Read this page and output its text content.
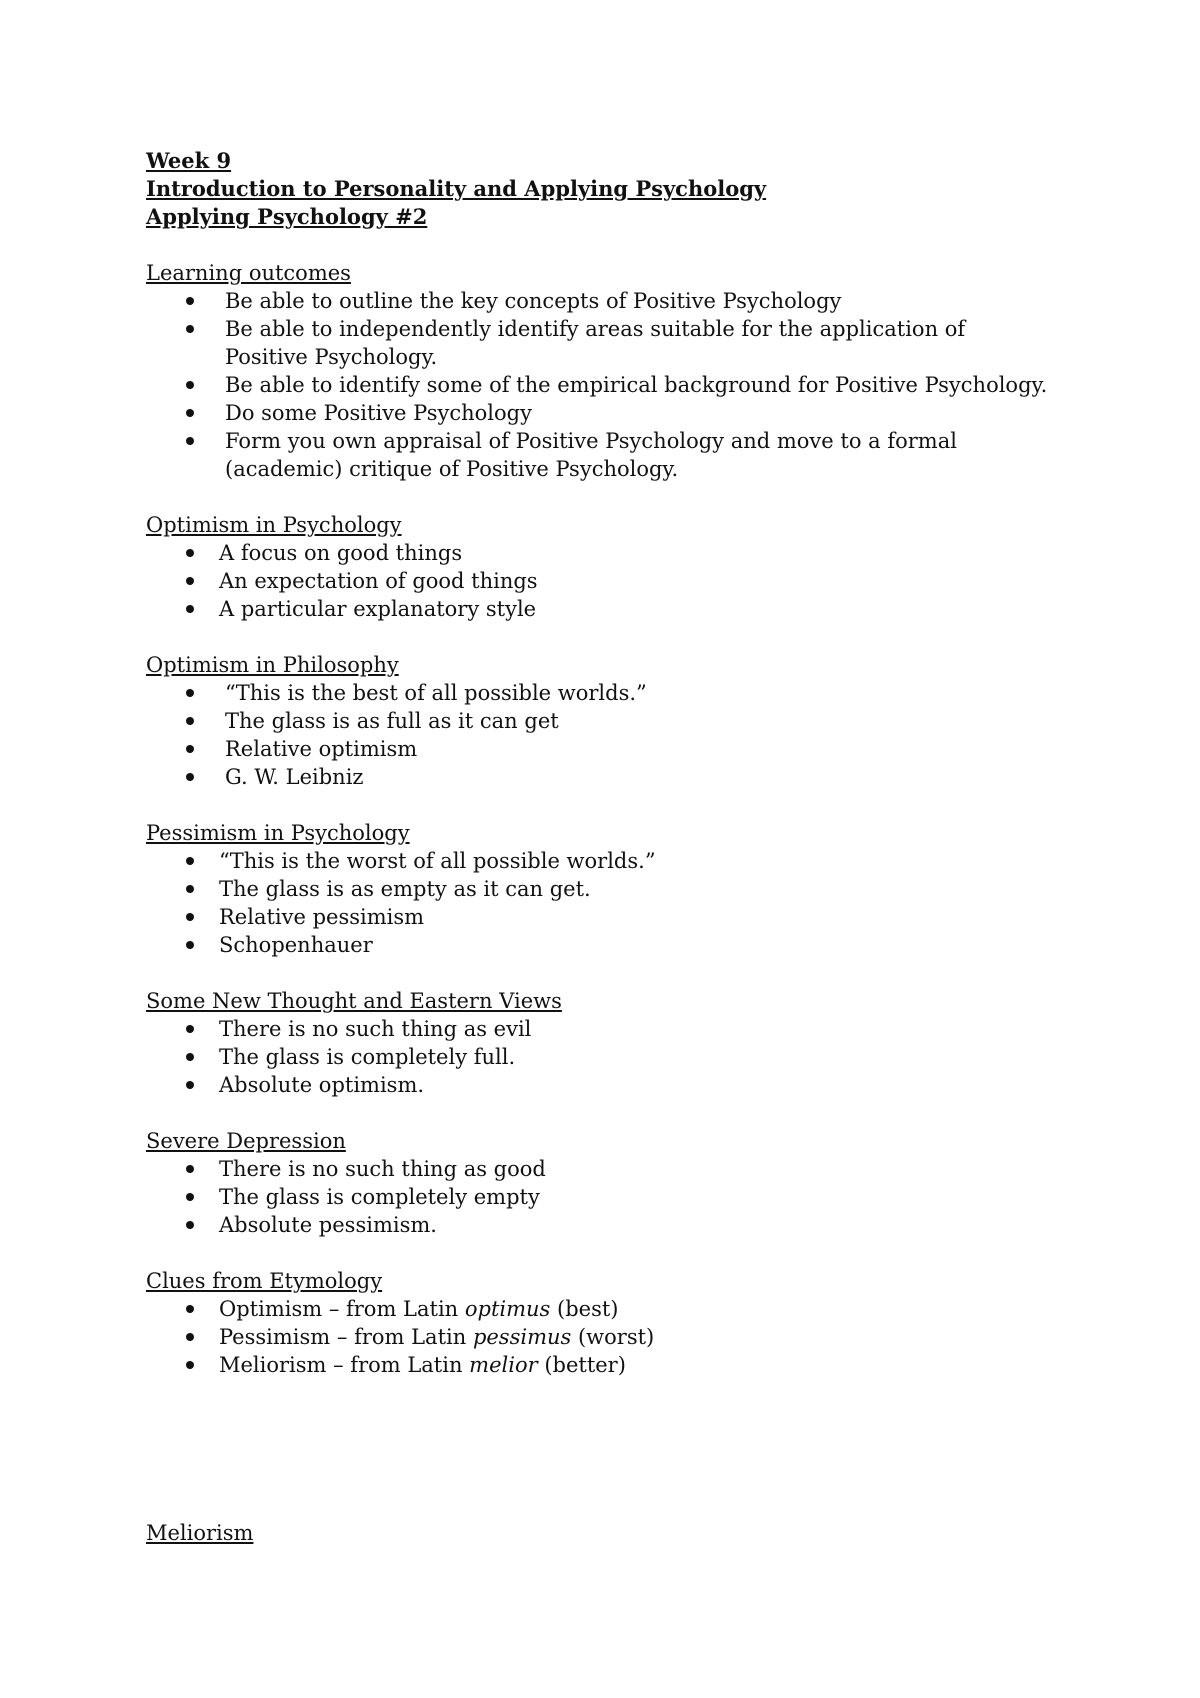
Week 9
Introduction to Personality and Applying Psychology
Applying Psychology #2
Learning outcomes
Be able to outline the key concepts of Positive Psychology
Be able to independently identify areas suitable for the application of Positive Psychology.
Be able to identify some of the empirical background for Positive Psychology.
Do some Positive Psychology
Form you own appraisal of Positive Psychology and move to a formal (academic) critique of Positive Psychology.
Optimism in Psychology
A focus on good things
An expectation of good things
A particular explanatory style
Optimism in Philosophy
“This is the best of all possible worlds.”
The glass is as full as it can get
Relative optimism
G. W. Leibniz
Pessimism in Psychology
“This is the worst of all possible worlds.”
The glass is as empty as it can get.
Relative pessimism
Schopenhauer
Some New Thought and Eastern Views
There is no such thing as evil
The glass is completely full.
Absolute optimism.
Severe Depression
There is no such thing as good
The glass is completely empty
Absolute pessimism.
Clues from Etymology
Optimism – from Latin optimus (best)
Pessimism – from Latin pessimus (worst)
Meliorism – from Latin melior (better)
Meliorism
